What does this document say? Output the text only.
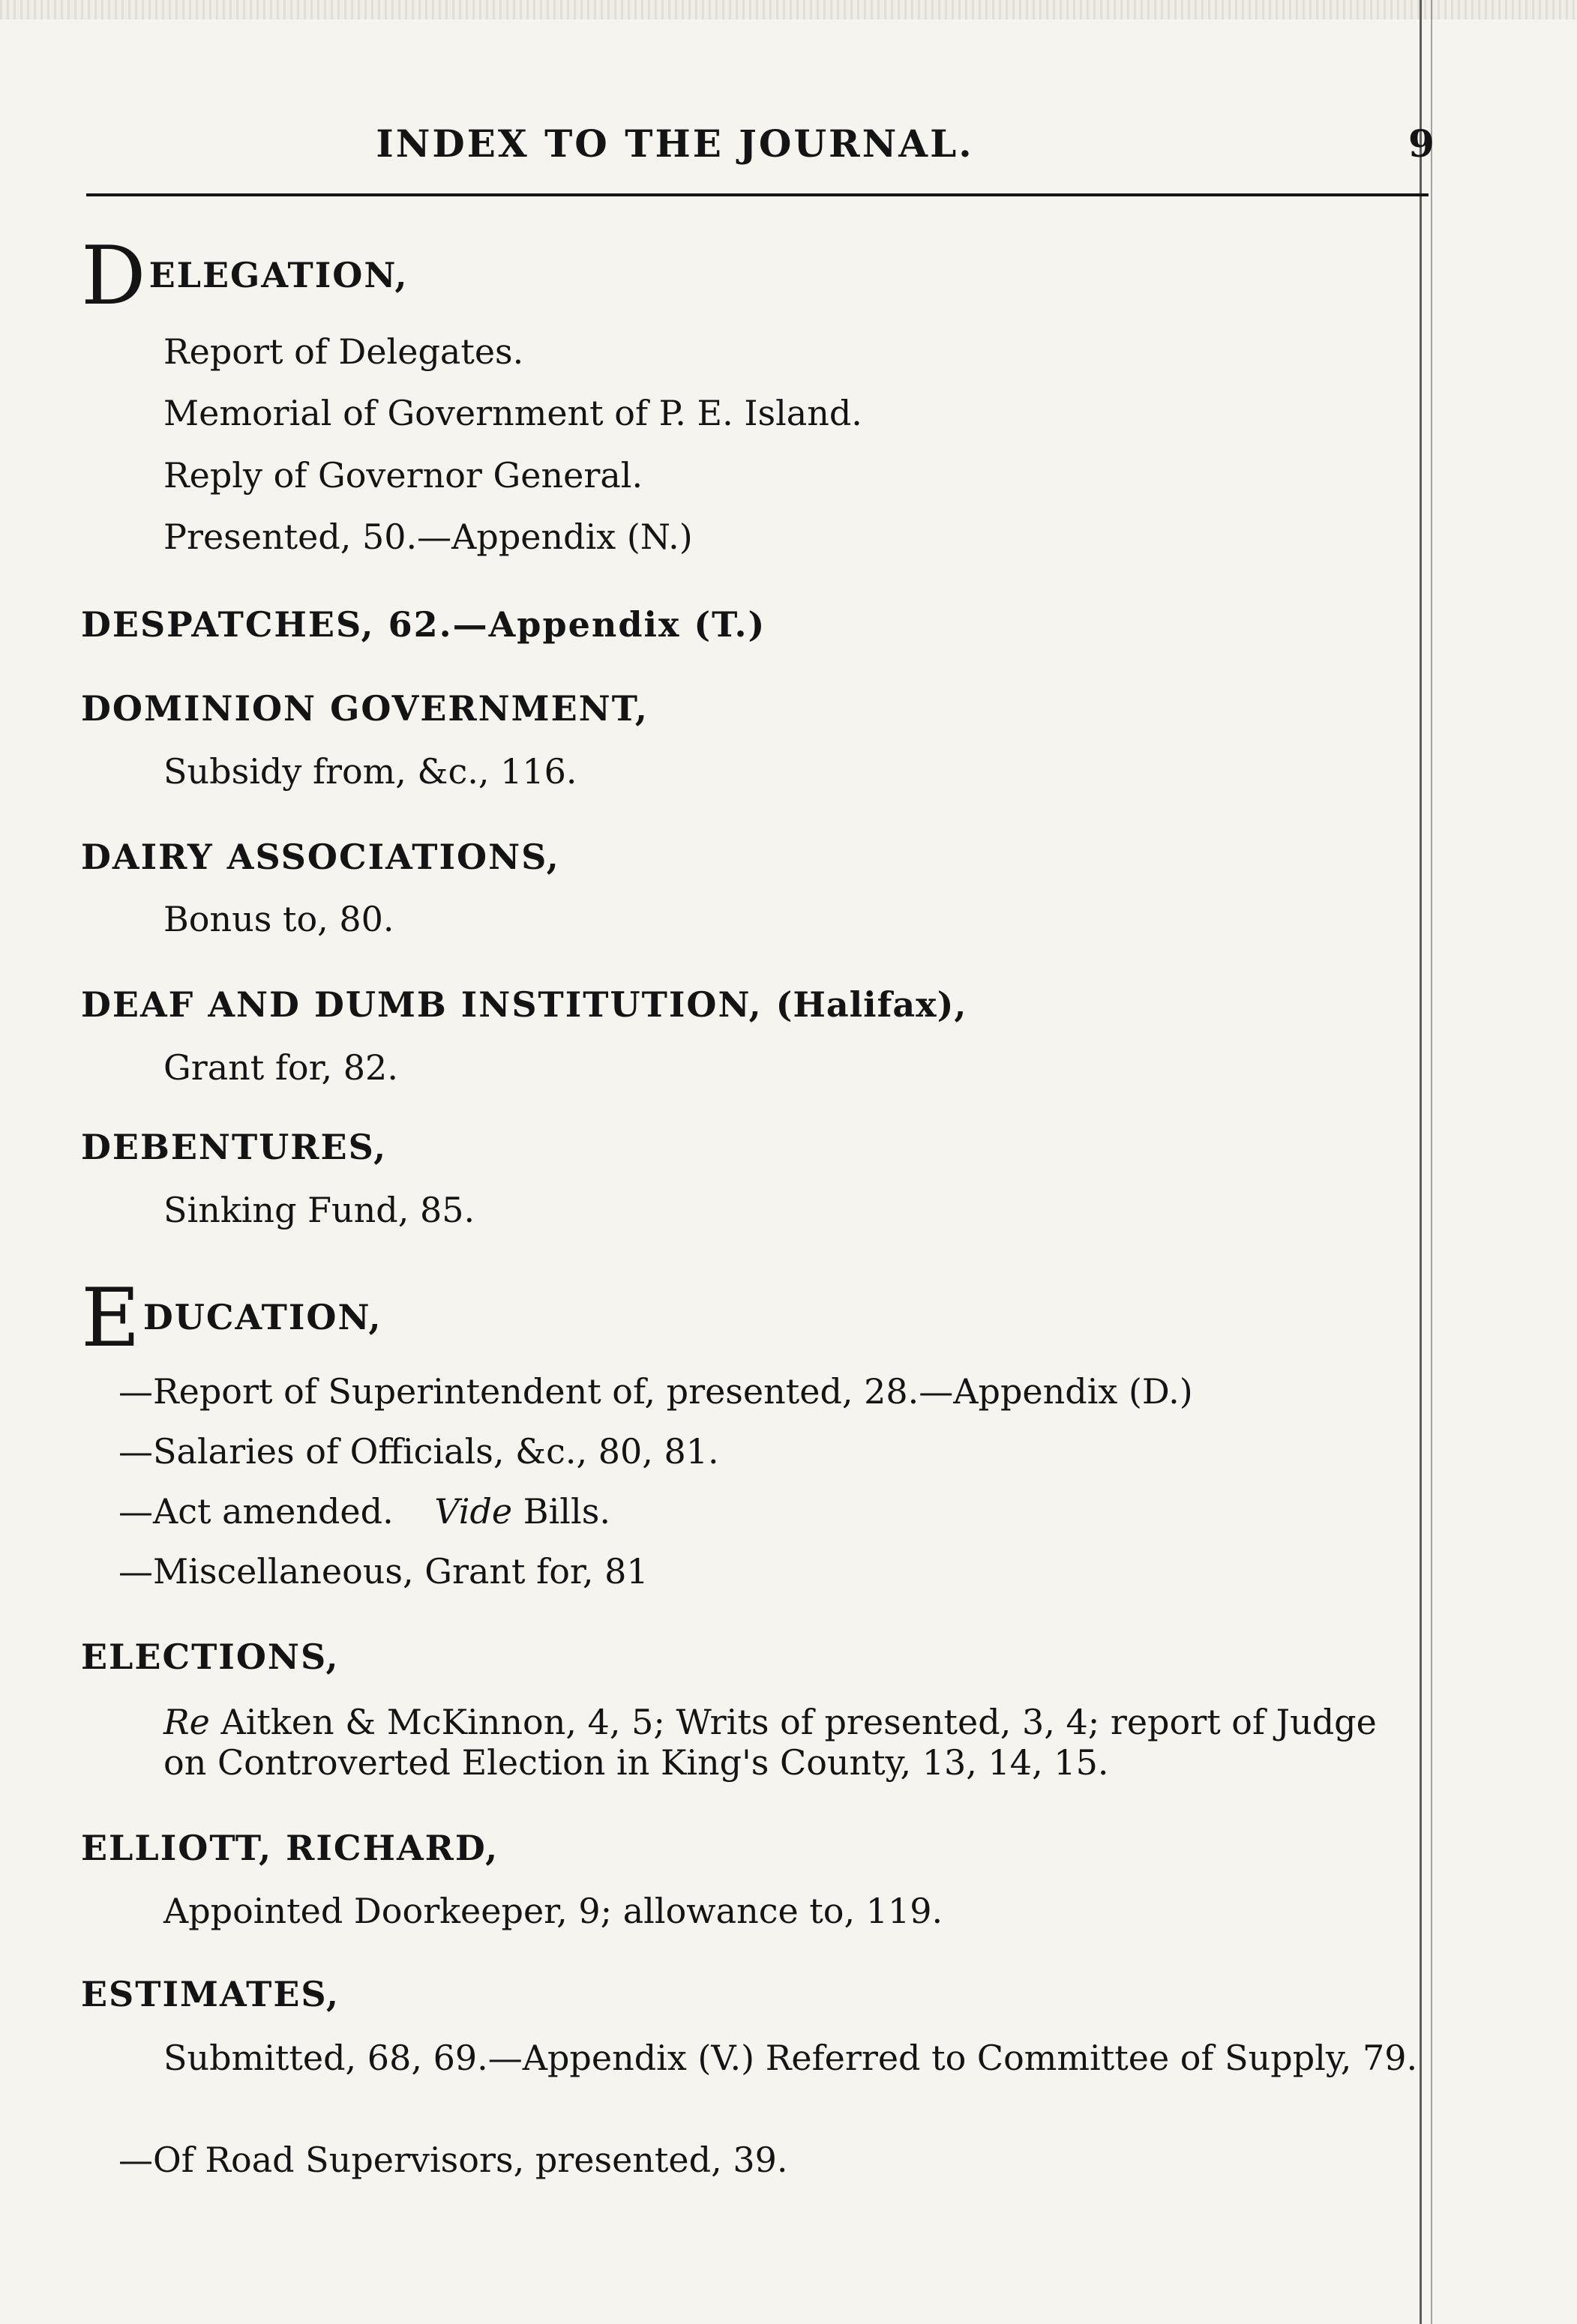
INDEX TO THE JOURNAL.	9
DELEGATION,
Report of Delegates.
Memorial of Government of P. E. Island.
Reply of Governor General.
Presented, 50.—Appendix (N.)
DESPATCHES, 62.—Appendix (T.)
DOMINION GOVERNMENT,
Subsidy from, &c., 116.
DAIRY ASSOCIATIONS,
Bonus to, 80.
DEAF AND DUMB INSTITUTION, (Halifax),
Grant for, 82.
DEBENTURES,
Sinking Fund, 85.
EDUCATION,
—Report of Superintendent of, presented, 28.—Appendix (D.)
—Salaries of Officials, &c., 80, 81.
—Act amended. Vide Bills.
—Miscellaneous, Grant for, 81
ELECTIONS,
Re Aitken & McKinnon, 4, 5; Writs of presented, 3, 4; report of Judge on Controverted Election in King's County, 13, 14, 15.
ELLIOTT, RICHARD,
Appointed Doorkeeper, 9; allowance to, 119.
ESTIMATES,
Submitted, 68, 69.—Appendix (V.) Referred to Committee of Supply, 79.
—Of Road Supervisors, presented, 39.
